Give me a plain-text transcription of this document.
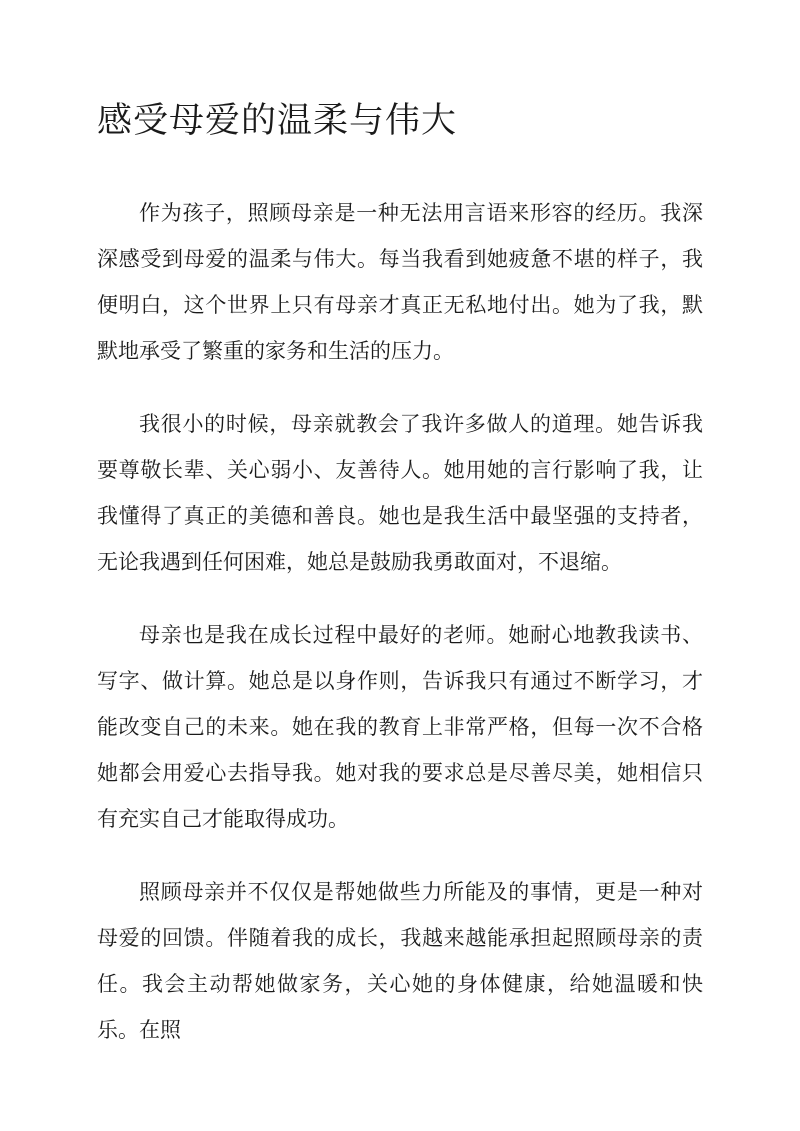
感受母爱的温柔与伟大

作为孩子，照顾母亲是一种无法用言语来形容的经历。我深深感受到母爱的温柔与伟大。每当我看到她疲惫不堪的样子，我便明白，这个世界上只有母亲才真正无私地付出。她为了我，默默地承受了繁重的家务和生活的压力。

我很小的时候，母亲就教会了我许多做人的道理。她告诉我要尊敬长辈、关心弱小、友善待人。她用她的言行影响了我，让我懂得了真正的美德和善良。她也是我生活中最坚强的支持者，无论我遇到任何困难，她总是鼓励我勇敢面对，不退缩。

母亲也是我在成长过程中最好的老师。她耐心地教我读书、写字、做计算。她总是以身作则，告诉我只有通过不断学习，才能改变自己的未来。她在我的教育上非常严格，但每一次不合格她都会用爱心去指导我。她对我的要求总是尽善尽美，她相信只有充实自己才能取得成功。

照顾母亲并不仅仅是帮她做些力所能及的事情，更是一种对母爱的回馈。伴随着我的成长，我越来越能承担起照顾母亲的责任。我会主动帮她做家务，关心她的身体健康，给她温暖和快乐。在照
